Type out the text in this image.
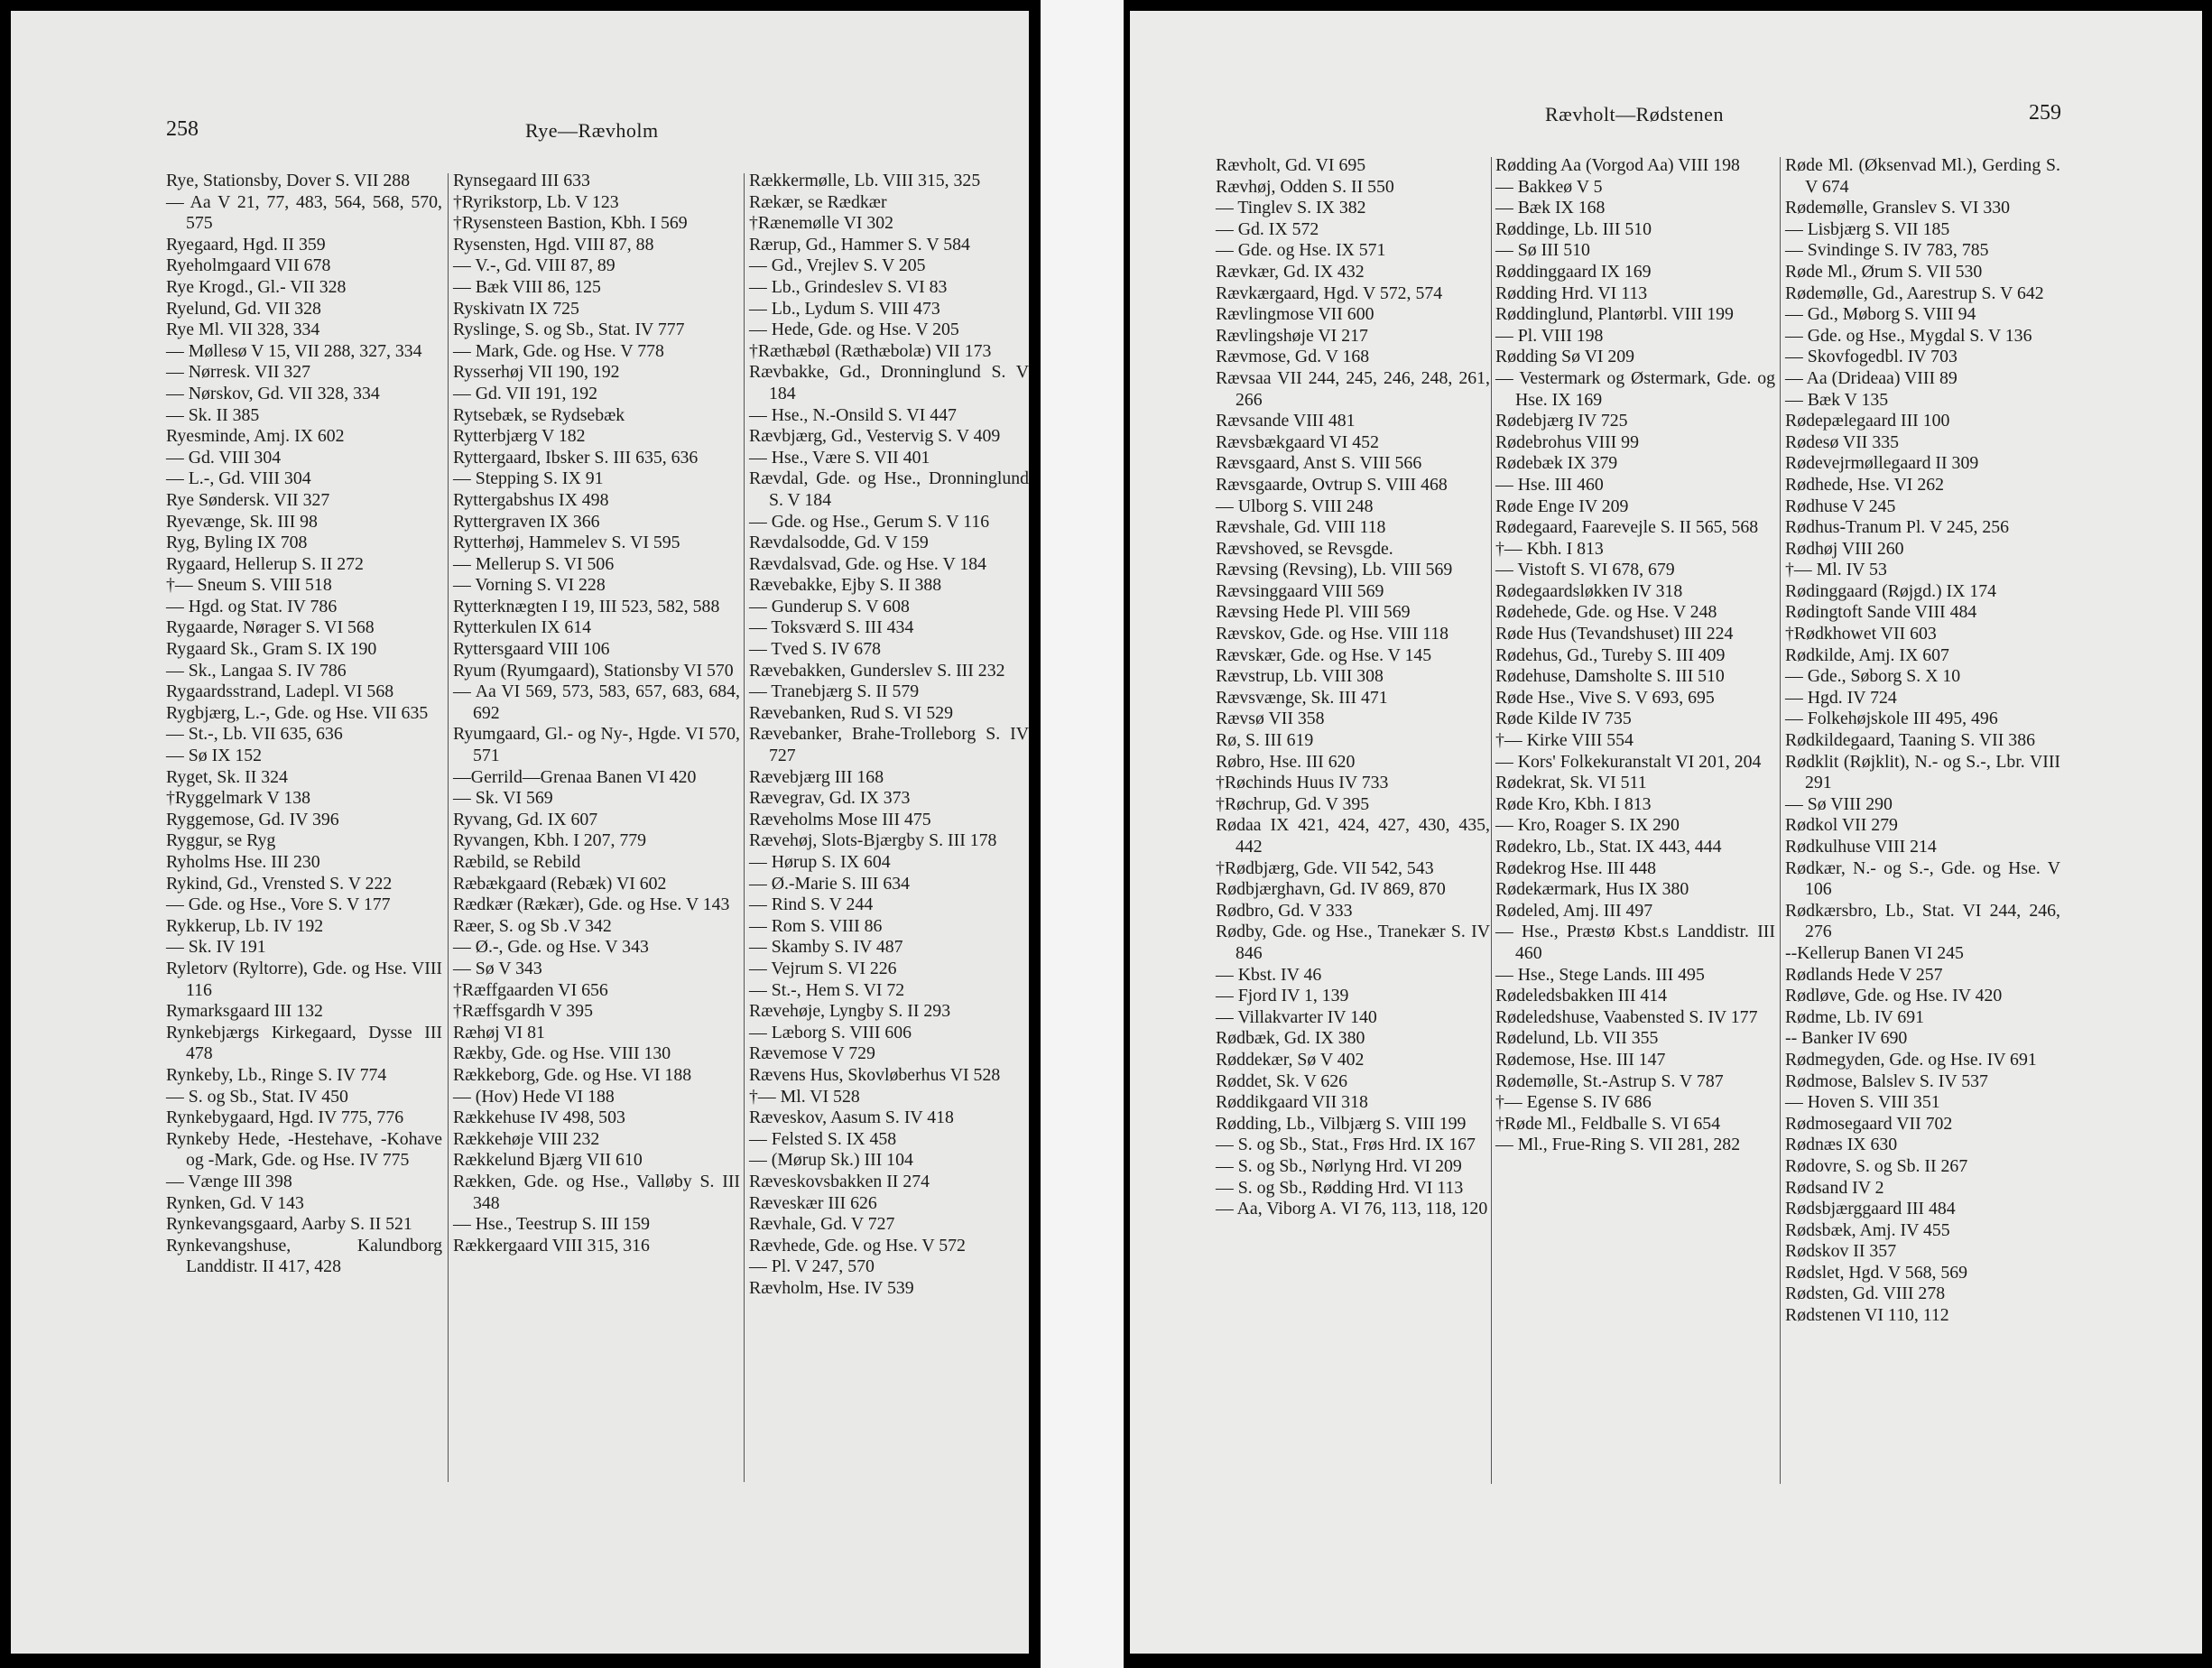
258	Rye—Rævholm

Rye, Stationsby, Dover S. VII 288

— Aa V 21, 77, 483, 564, 568, 570, 575

Ryegaard, Hgd. II 359

Ryeholmgaard VII 678

Rye Krogd., Gl.- VII 328

Ryelund, Gd. VII 328

Rye Ml. VII 328, 334

— Møllesø V 15, VII 288, 327, 334

— Nørresk. VII 327

— Nørskov, Gd. VII 328, 334

— Sk. II 385

Ryesminde, Amj. IX 602

— Gd. VIII 304

— L.-, Gd. VIII 304

Rye Søndersk. VII 327

Ryevænge, Sk. III 98

Ryg, Byling IX 708

Rygaard, Hellerup S. II 272

†— Sneum S. VIII 518

— Hgd. og Stat. IV 786

Rygaarde, Nørager S. VI 568

Rygaard Sk., Gram S. IX 190

— Sk., Langaa S. IV 786

Rygaardsstrand, Ladepl. VI 568

Rygbjærg, L.-, Gde. og Hse. VII 635

— St.-, Lb. VII 635, 636

— Sø IX 152

Ryget, Sk. II 324

†Ryggelmark V 138

Ryggemose, Gd. IV 396

Ryggur, se Ryg

Ryholms Hse. III 230

Rykind, Gd., Vrensted S. V 222

— Gde. og Hse., Vore S. V 177

Rykkerup, Lb. IV 192

— Sk. IV 191

Ryletorv (Ryltorre), Gde. og Hse. VIII 116

Rymarksgaard III 132

Rynkebjærgs Kirkegaard, Dysse III 478

Rynkeby, Lb., Ringe S. IV 774

— S. og Sb., Stat. IV 450

Rynkebygaard, Hgd. IV 775, 776

Rynkeby Hede, -Hestehave, -Kohave og -Mark, Gde. og Hse. IV 775

— Vænge III 398

Rynken, Gd. V 143

Rynkevangsgaard, Aarby S. II 521

Rynkevangshuse, Kalundborg Landdistr. II 417, 428

Rynsegaard III 633

†Ryrikstorp, Lb. V 123

†Rysensteen Bastion, Kbh. I 569

Rysensten, Hgd. VIII 87, 88

— V.-, Gd. VIII 87, 89

— Bæk VIII 86, 125

Ryskivatn IX 725

Ryslinge, S. og Sb., Stat. IV 777

— Mark, Gde. og Hse. V 778

Rysserhøj VII 190, 192

— Gd. VII 191, 192

Rytsebæk, se Rydsebæk

Rytterbjærg V 182

Ryttergaard, Ibsker S. III 635, 636

— Stepping S. IX 91

Ryttergabshus IX 498

Ryttergraven IX 366

Rytterhøj, Hammelev S. VI 595

— Mellerup S. VI 506

— Vorning S. VI 228

Rytterknægten I 19, III 523, 582, 588

Rytterkulen IX 614

Ryttersgaard VIII 106

Ryum (Ryumgaard), Stationsby VI 570

— Aa VI 569, 573, 583, 657, 683, 684, 692

Ryumgaard, Gl.- og Ny-, Hgde. VI 570, 571

—Gerrild—Grenaa Banen VI 420

— Sk. VI 569

Ryvang, Gd. IX 607

Ryvangen, Kbh. I 207, 779

Ræbild, se Rebild

Ræbækgaard (Rebæk) VI 602

Rædkær (Rækær), Gde. og Hse. V 143

Ræer, S. og Sb .V 342

— Ø.-, Gde. og Hse. V 343

— Sø V 343

†Ræffgaarden VI 656

†Ræffsgardh V 395

Ræhøj VI 81

Rækby, Gde. og Hse. VIII 130

Rækkeborg, Gde. og Hse. VI 188

— (Hov) Hede VI 188

Rækkehuse IV 498, 503

Rækkehøje VIII 232

Rækkelund Bjærg VII 610

Rækken, Gde. og Hse., Valløby S. III 348

— Hse., Teestrup S. III 159

Rækkergaard VIII 315, 316

Rækkermølle, Lb. VIII 315, 325

Rækær, se Rædkær

†Rænemølle VI 302

Rærup, Gd., Hammer S. V 584

— Gd., Vrejlev S. V 205

— Lb., Grindeslev S. VI 83

— Lb., Lydum S. VIII 473

— Hede, Gde. og Hse. V 205

†Ræthæbøl (Ræthæbolæ) VII 173

Rævbakke, Gd., Dronninglund S. V 184

— Hse., N.-Onsild S. VI 447

Rævbjærg, Gd., Vestervig S. V 409

— Hse., Være S. VII 401

Rævdal, Gde. og Hse., Dronninglund S. V 184

— Gde. og Hse., Gerum S. V 116

Rævdalsodde, Gd. V 159

Rævdalsvad, Gde. og Hse. V 184

Rævebakke, Ejby S. II 388

— Gunderup S. V 608

— Toksværd S. III 434

— Tved S. IV 678

Rævebakken, Gunderslev S. III 232

— Tranebjærg S. II 579

Rævebanken, Rud S. VI 529

Rævebanker, Brahe-Trolleborg S. IV 727

Rævebjærg III 168

Rævegrav, Gd. IX 373

Ræveholms Mose III 475

Rævehøj, Slots-Bjærgby S. III 178

— Hørup S. IX 604

— Ø.-Marie S. III 634

— Rind S. V 244

— Rom S. VIII 86

— Skamby S. IV 487

— Vejrum S. VI 226

— St.-, Hem S. VI 72

Rævehøje, Lyngby S. II 293

— Læborg S. VIII 606

Rævemose V 729

Rævens Hus, Skovløberhus VI 528

†— Ml. VI 528

Ræveskov, Aasum S. IV 418

— Felsted S. IX 458

— (Mørup Sk.) III 104

Ræveskovsbakken II 274

Ræveskær III 626

Rævhale, Gd. V 727

Rævhede, Gde. og Hse. V 572

— Pl. V 247, 570

Rævholm, Hse. IV 539

Rævholt—Rødstenen	259

Rævholt, Gd. VI 695

Rævhøj, Odden S. II 550

— Tinglev S. IX 382

— Gd. IX 572

— Gde. og Hse. IX 571

Rævkær, Gd. IX 432

Rævkærgaard, Hgd. V 572, 574

Rævlingmose VII 600

Rævlingshøje VI 217

Rævmose, Gd. V 168

Rævsaa VII 244, 245, 246, 248, 261, 266

Rævsande VIII 481

Rævsbækgaard VI 452

Rævsgaard, Anst S. VIII 566

Rævsgaarde, Ovtrup S. VIII 468

— Ulborg S. VIII 248

Rævshale, Gd. VIII 118

Rævshoved, se Revsgde.

Rævsing (Revsing), Lb. VIII 569

Rævsinggaard VIII 569

Rævsing Hede Pl. VIII 569

Rævskov, Gde. og Hse. VIII 118

Rævskær, Gde. og Hse. V 145

Rævstrup, Lb. VIII 308

Rævsvænge, Sk. III 471

Rævsø VII 358

Rø, S. III 619

Røbro, Hse. III 620

†Røchinds Huus IV 733

†Røchrup, Gd. V 395

Rødaa IX 421, 424, 427, 430, 435, 442

†Rødbjærg, Gde. VII 542, 543

Rødbjærghavn, Gd. IV 869, 870

Rødbro, Gd. V 333

Rødby, Gde. og Hse., Tranekær S. IV 846

— Kbst. IV 46

— Fjord IV 1, 139

— Villakvarter IV 140

Rødbæk, Gd. IX 380

Røddekær, Sø V 402

Røddet, Sk. V 626

Røddikgaard VII 318

Rødding, Lb., Vilbjærg S. VIII 199

— S. og Sb., Stat., Frøs Hrd. IX 167

— S. og Sb., Nørlyng Hrd. VI 209

— S. og Sb., Rødding Hrd. VI 113

— Aa, Viborg A. VI 76, 113, 118, 120

Rødding Aa (Vorgod Aa) VIII 198

— Bakkeø V 5

— Bæk IX 168

Røddinge, Lb. III 510

— Sø III 510

Røddinggaard IX 169

Rødding Hrd. VI 113

Røddinglund, Plantørbl. VIII 199

— Pl. VIII 198

Rødding Sø VI 209

— Vestermark og Østermark, Gde. og Hse. IX 169

Rødebjærg IV 725

Rødebrohus VIII 99

Rødebæk IX 379

— Hse. III 460

Røde Enge IV 209

Rødegaard, Faarevejle S. II 565, 568

†— Kbh. I 813

— Vistoft S. VI 678, 679

Rødegaardsløkken IV 318

Rødehede, Gde. og Hse. V 248

Røde Hus (Tevandshuset) III 224

Rødehus, Gd., Tureby S. III 409

Rødehuse, Damsholte S. III 510

Røde Hse., Vive S. V 693, 695

Røde Kilde IV 735

†— Kirke VIII 554

— Kors' Folkekuranstalt VI 201, 204

Rødekrat, Sk. VI 511

Røde Kro, Kbh. I 813

— Kro, Roager S. IX 290

Rødekro, Lb., Stat. IX 443, 444

Rødekrog Hse. III 448

Rødekærmark, Hus IX 380

Rødeled, Amj. III 497

— Hse., Præstø Kbst.s Landdistr. III 460

— Hse., Stege Lands. III 495

Rødeledsbakken III 414

Rødeledshuse, Vaabensted S. IV 177

Rødelund, Lb. VII 355

Rødemose, Hse. III 147

Rødemølle, St.-Astrup S. V 787

†— Egense S. IV 686

†Røde Ml., Feldballe S. VI 654

— Ml., Frue-Ring S. VII 281, 282

Røde Ml. (Øksenvad Ml.), Gerding S. V 674

Rødemølle, Granslev S. VI 330

— Lisbjærg S. VII 185

— Svindinge S. IV 783, 785

Røde Ml., Ørum S. VII 530

Rødemølle, Gd., Aarestrup S. V 642

— Gd., Møborg S. VIII 94

— Gde. og Hse., Mygdal S. V 136

— Skovfogedbl. IV 703

— Aa (Drideaa) VIII 89

— Bæk V 135

Rødepælegaard III 100

Rødesø VII 335

Rødevejrmøllegaard II 309

Rødhede, Hse. VI 262

Rødhuse V 245

Rødhus-Tranum Pl. V 245, 256

Rødhøj VIII 260

†— Ml. IV 53

Rødinggaard (Røjgd.) IX 174

Rødingtoft Sande VIII 484

†Rødkhowet VII 603

Rødkilde, Amj. IX 607

— Gde., Søborg S. X 10

— Hgd. IV 724

— Folkehøjskole III 495, 496

Rødkildegaard, Taaning S. VII 386

Rødklit (Røjklit), N.- og S.-, Lbr. VIII 291

— Sø VIII 290

Rødkol VII 279

Rødkulhuse VIII 214

Rødkær, N.- og S.-, Gde. og Hse. V 106

Rødkærsbro, Lb., Stat. VI 244, 246, 276

--Kellerup Banen VI 245

Rødlands Hede V 257

Rødløve, Gde. og Hse. IV 420

Rødme, Lb. IV 691

-- Banker IV 690

Rødmegyden, Gde. og Hse. IV 691

Rødmose, Balslev S. IV 537

— Hoven S. VIII 351

Rødmosegaard VII 702

Rødnæs IX 630

Rødovre, S. og Sb. II 267

Rødsand IV 2

Rødsbjærggaard III 484

Rødsbæk, Amj. IV 455

Rødskov II 357

Rødslet, Hgd. V 568, 569

Rødsten, Gd. VIII 278

Rødstenen VI 110, 112
